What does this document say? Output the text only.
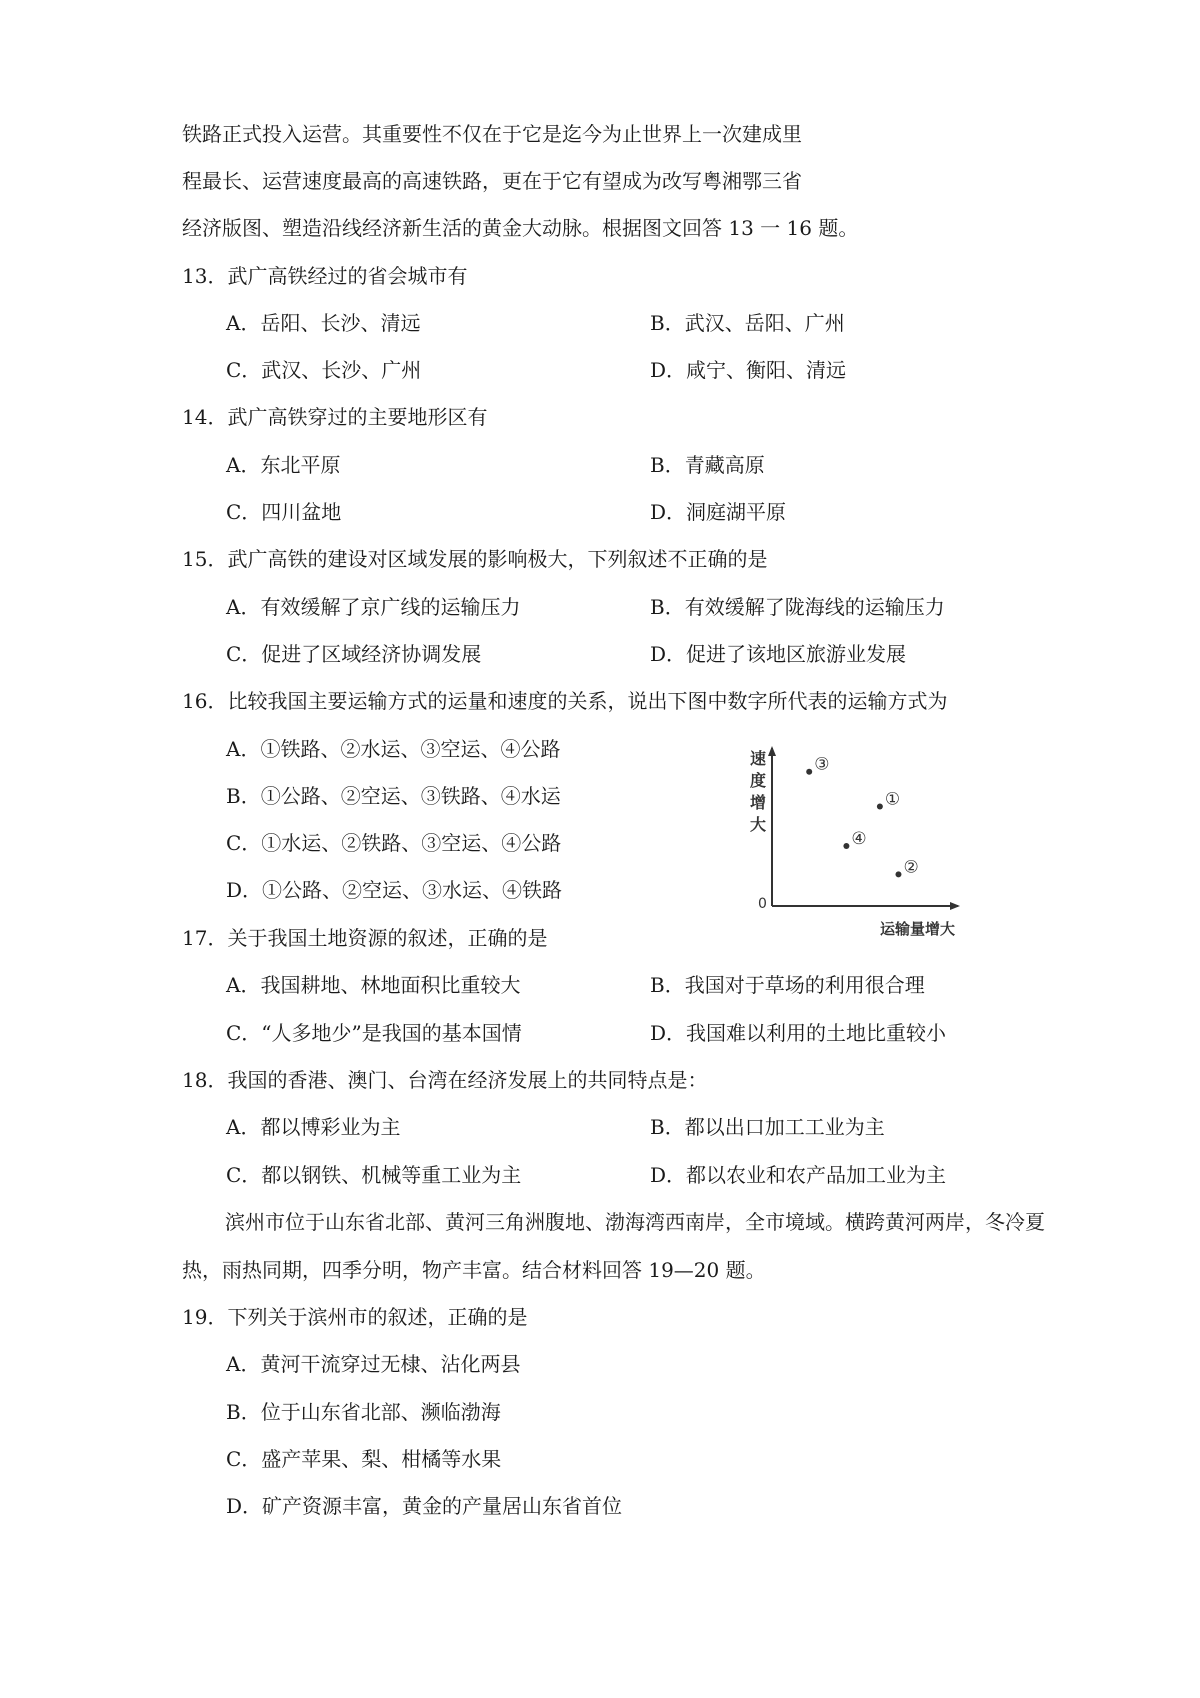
铁路正式投入运营。其重要性不仅在于它是迄今为止世界上一次建成里
程最长、运营速度最高的高速铁路，更在于它有望成为改写粤湘鄂三省
经济版图、塑造沿线经济新生活的黄金大动脉。根据图文回答 13 一 16 题。
13．武广高铁经过的省会城市有
A．岳阳、长沙、清远	B．武汉、岳阳、广州
C．武汉、长沙、广州	D．咸宁、衡阳、清远
14．武广高铁穿过的主要地形区有
A．东北平原	B．青藏高原
C．四川盆地	D．洞庭湖平原
15．武广高铁的建设对区域发展的影响极大，下列叙述不正确的是
A．有效缓解了京广线的运输压力	B．有效缓解了陇海线的运输压力
C．促进了区域经济协调发展	D．促进了该地区旅游业发展
16．比较我国主要运输方式的运量和速度的关系，说出下图中数字所代表的运输方式为
A．①铁路、②水运、③空运、④公路
B．①公路、②空运、③铁路、④水运
C．①水运、②铁路、③空运、④公路
D．①公路、②空运、③水运、④铁路
0
速
度
增
大
运输量增大
③
①
④
②
17．关于我国土地资源的叙述，正确的是
A．我国耕地、林地面积比重较大	B．我国对于草场的利用很合理
C．“人多地少”是我国的基本国情	D．我国难以利用的土地比重较小
18．我国的香港、澳门、台湾在经济发展上的共同特点是：
A．都以博彩业为主	B．都以出口加工工业为主
C．都以钢铁、机械等重工业为主	D．都以农业和农产品加工业为主
滨州市位于山东省北部、黄河三角洲腹地、渤海湾西南岸，全市境域。横跨黄河两岸，冬冷夏
热，雨热同期，四季分明，物产丰富。结合材料回答 19—20 题。
19．下列关于滨州市的叙述，正确的是
A．黄河干流穿过无棣、沾化两县
B．位于山东省北部、濒临渤海
C．盛产苹果、梨、柑橘等水果
D．矿产资源丰富，黄金的产量居山东省首位
